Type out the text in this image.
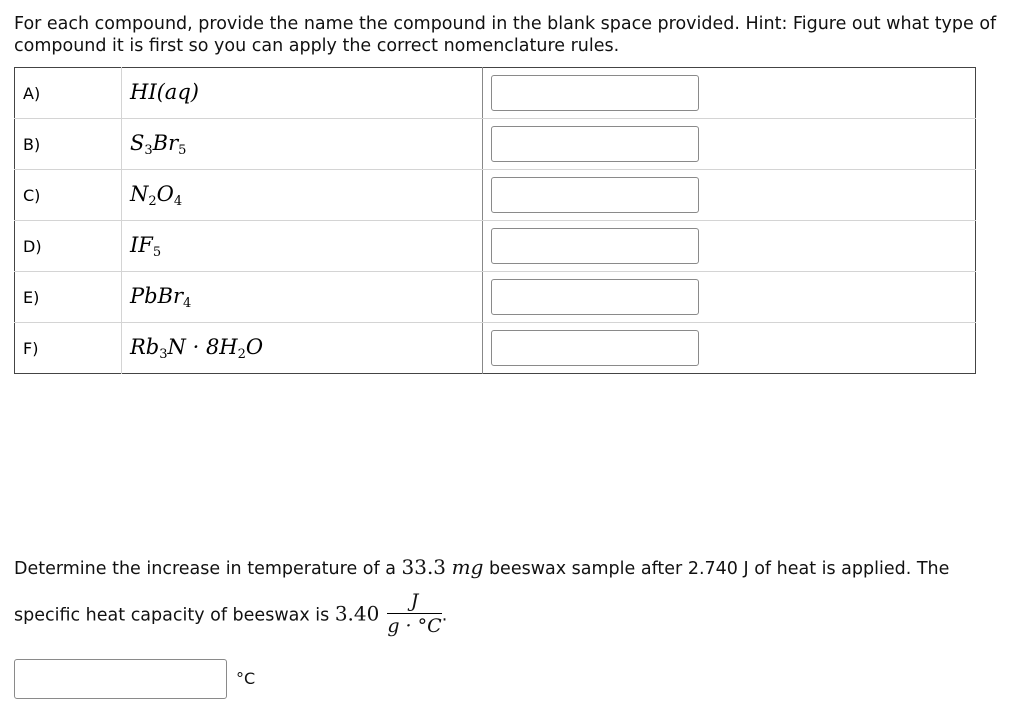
For each compound, provide the name the compound in the blank space provided. Hint: Figure out what type of compound it is first so you can apply the correct nomenclature rules.
A)	HI(aq)	

B)	$S_3Br_5$	

C)	$N_2O_4$	

D)	$IF_5$	

E)	PbBr$_4$	

F)	$Rb_3N \cdot 8H_2O$	
Determine the increase in temperature of a 33.3 mg beeswax sample after 2.740 J of heat is applied. The
specific heat capacity of beeswax is $3.40 \frac{J}{g \cdot ^\circ C}$ .
°C
